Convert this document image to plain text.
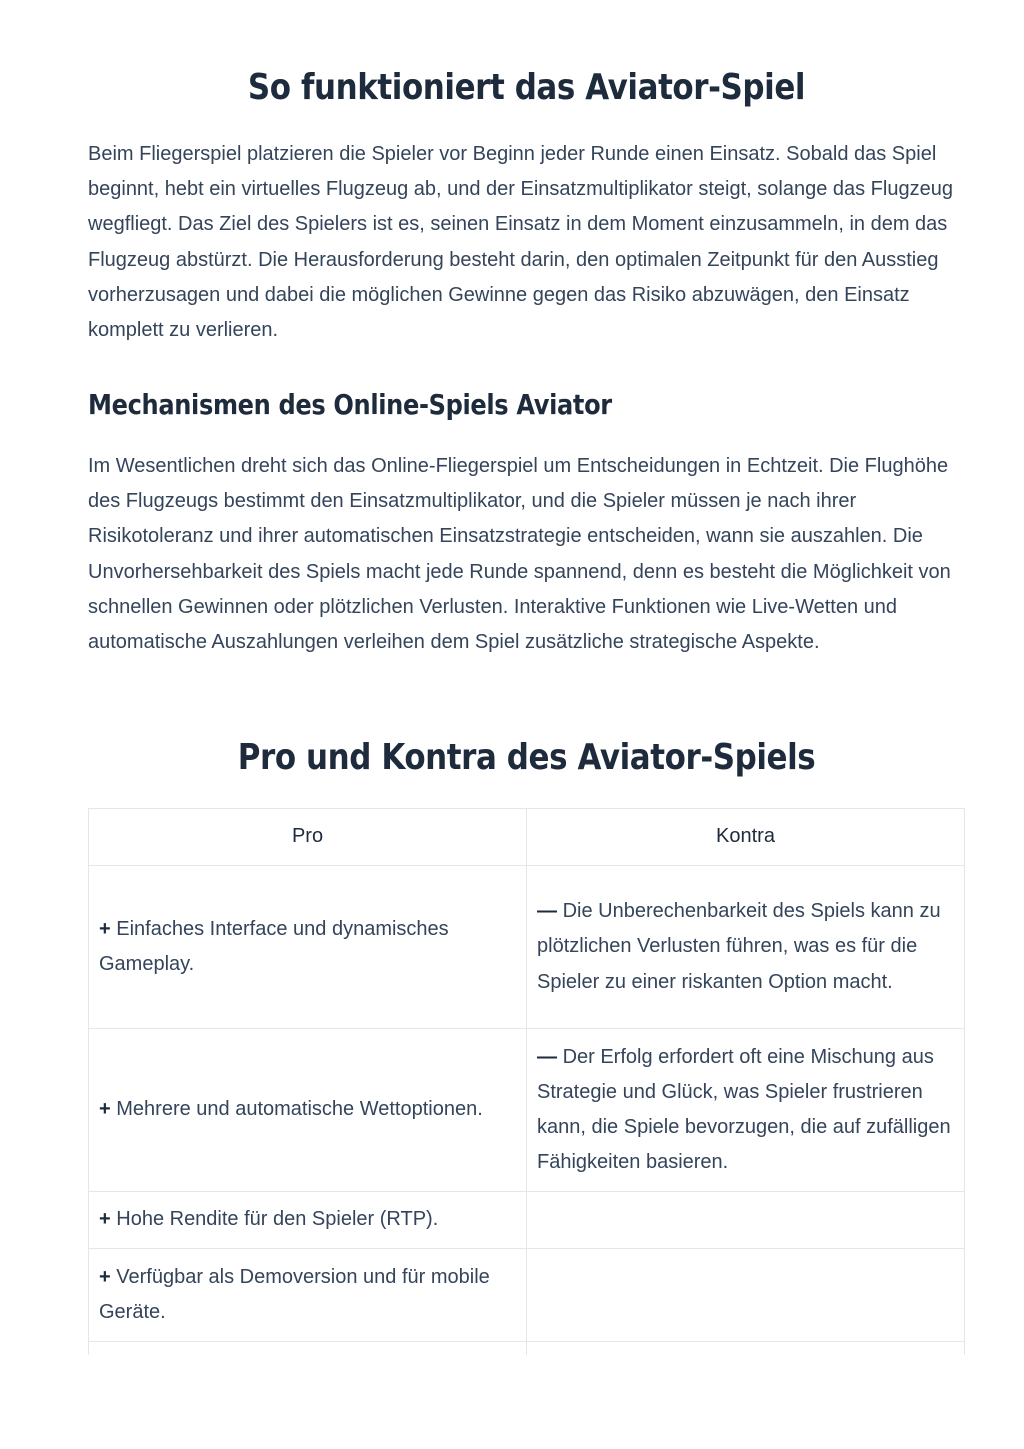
So funktioniert das Aviator-Spiel

Beim Fliegerspiel platzieren die Spieler vor Beginn jeder Runde einen Einsatz. Sobald das Spiel beginnt, hebt ein virtuelles Flugzeug ab, und der Einsatzmultiplikator steigt, solange das Flugzeug wegfliegt. Das Ziel des Spielers ist es, seinen Einsatz in dem Moment einzusammeln, in dem das Flugzeug abstürzt. Die Herausforderung besteht darin, den optimalen Zeitpunkt für den Ausstieg vorherzusagen und dabei die möglichen Gewinne gegen das Risiko abzuwägen, den Einsatz komplett zu verlieren.

Mechanismen des Online-Spiels Aviator

Im Wesentlichen dreht sich das Online-Fliegerspiel um Entscheidungen in Echtzeit. Die Flughöhe des Flugzeugs bestimmt den Einsatzmultiplikator, und die Spieler müssen je nach ihrer Risikotoleranz und ihrer automatischen Einsatzstrategie entscheiden, wann sie auszahlen. Die Unvorhersehbarkeit des Spiels macht jede Runde spannend, denn es besteht die Möglichkeit von schnellen Gewinnen oder plötzlichen Verlusten. Interaktive Funktionen wie Live-Wetten und automatische Auszahlungen verleihen dem Spiel zusätzliche strategische Aspekte.

Pro und Kontra des Aviator-Spiels
Pro	Kontra
+ Einfaches Interface und dynamisches Gameplay.	— Die Unberechenbarkeit des Spiels kann zu plötzlichen Verlusten führen, was es für die Spieler zu einer riskanten Option macht.
+ Mehrere und automatische Wettoptionen.	— Der Erfolg erfordert oft eine Mischung aus Strategie und Glück, was Spieler frustrieren kann, die Spiele bevorzugen, die auf zufälligen Fähigkeiten basieren.
+ Hohe Rendite für den Spieler (RTP).	
+ Verfügbar als Demoversion und für mobile Geräte.	
